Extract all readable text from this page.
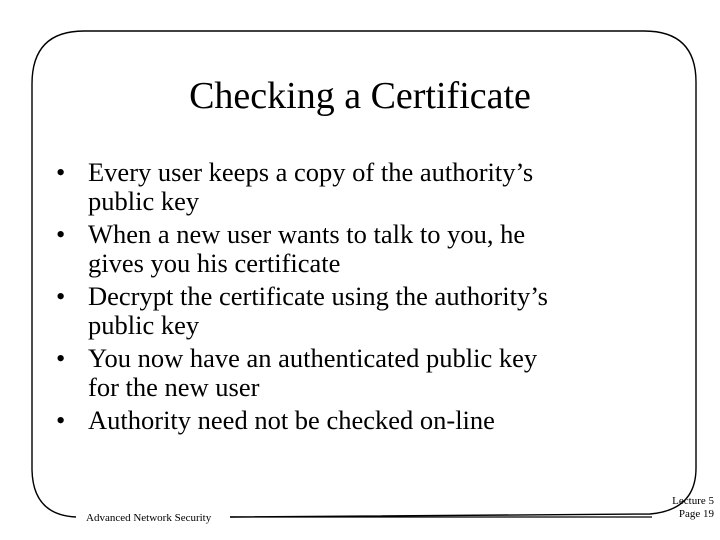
Checking a Certificate
• Every user keeps a copy of the authority’s
public key
• When a new user wants to talk to you, he
gives you his certificate
• Decrypt the certificate using the authority’s
public key
• You now have an authenticated public key
for the new user
• Authority need not be checked on-line
Advanced Network Security
Lecture 5
Page 19
